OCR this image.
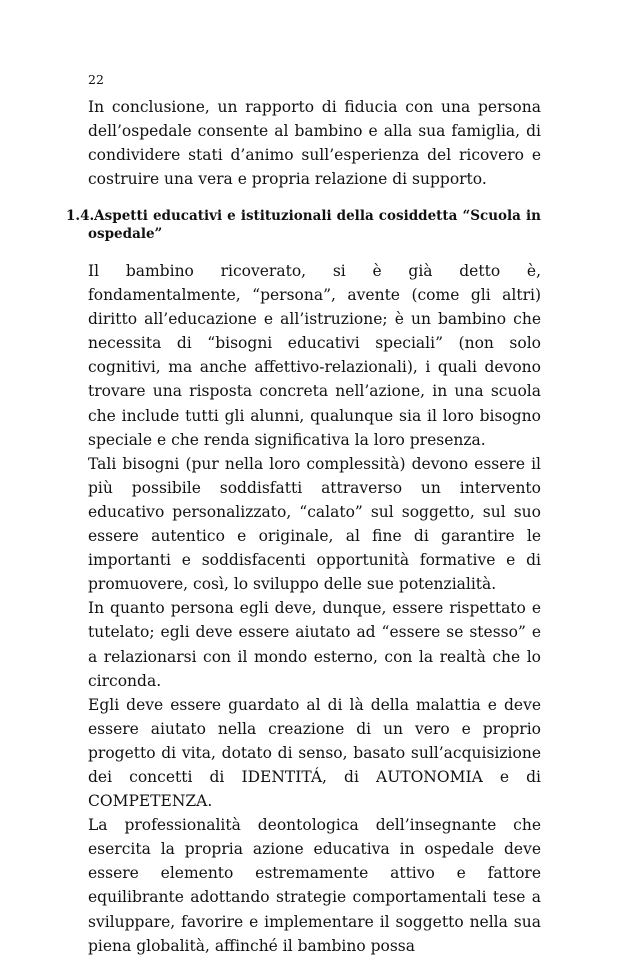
22

In conclusione, un rapporto di fiducia con una persona dell’ospedale consente al bambino e alla sua famiglia, di condividere stati d’animo sull’esperienza del ricovero e costruire una vera e propria relazione di supporto.

1.4.Aspetti educativi e istituzionali della cosiddetta “Scuola in
ospedale”

Il bambino ricoverato, si è già detto è, fondamentalmente, “persona”, avente (come gli altri) diritto all’educazione e all’istruzione; è un bambino che necessita di “bisogni educativi speciali” (non solo cognitivi, ma anche affettivo-relazionali), i quali devono trovare una risposta concreta nell’azione, in una scuola che include tutti gli alunni, qualunque sia il loro bisogno speciale e che renda significativa la loro presenza.

Tali bisogni (pur nella loro complessità) devono essere il più possibile soddisfatti attraverso un intervento educativo personalizzato, “calato” sul soggetto, sul suo essere autentico e originale, al fine di garantire le importanti e soddisfacenti opportunità formative e di promuovere, così, lo sviluppo delle sue potenzialità.

In quanto persona egli deve, dunque, essere rispettato e tutelato; egli deve essere aiutato ad “essere se stesso” e a relazionarsi con il mondo esterno, con la realtà che lo circonda.

Egli deve essere guardato al di là della malattia e deve essere aiutato nella creazione di un vero e proprio progetto di vita, dotato di senso, basato sull’acquisizione dei concetti di IDENTITÁ, di AUTONOMIA e di COMPETENZA.

La professionalità deontologica dell’insegnante che esercita la propria azione educativa in ospedale deve essere elemento estremamente attivo e fattore equilibrante adottando strategie comportamentali tese a sviluppare, favorire e implementare il soggetto nella sua piena globalità, affinché il bambino possa
